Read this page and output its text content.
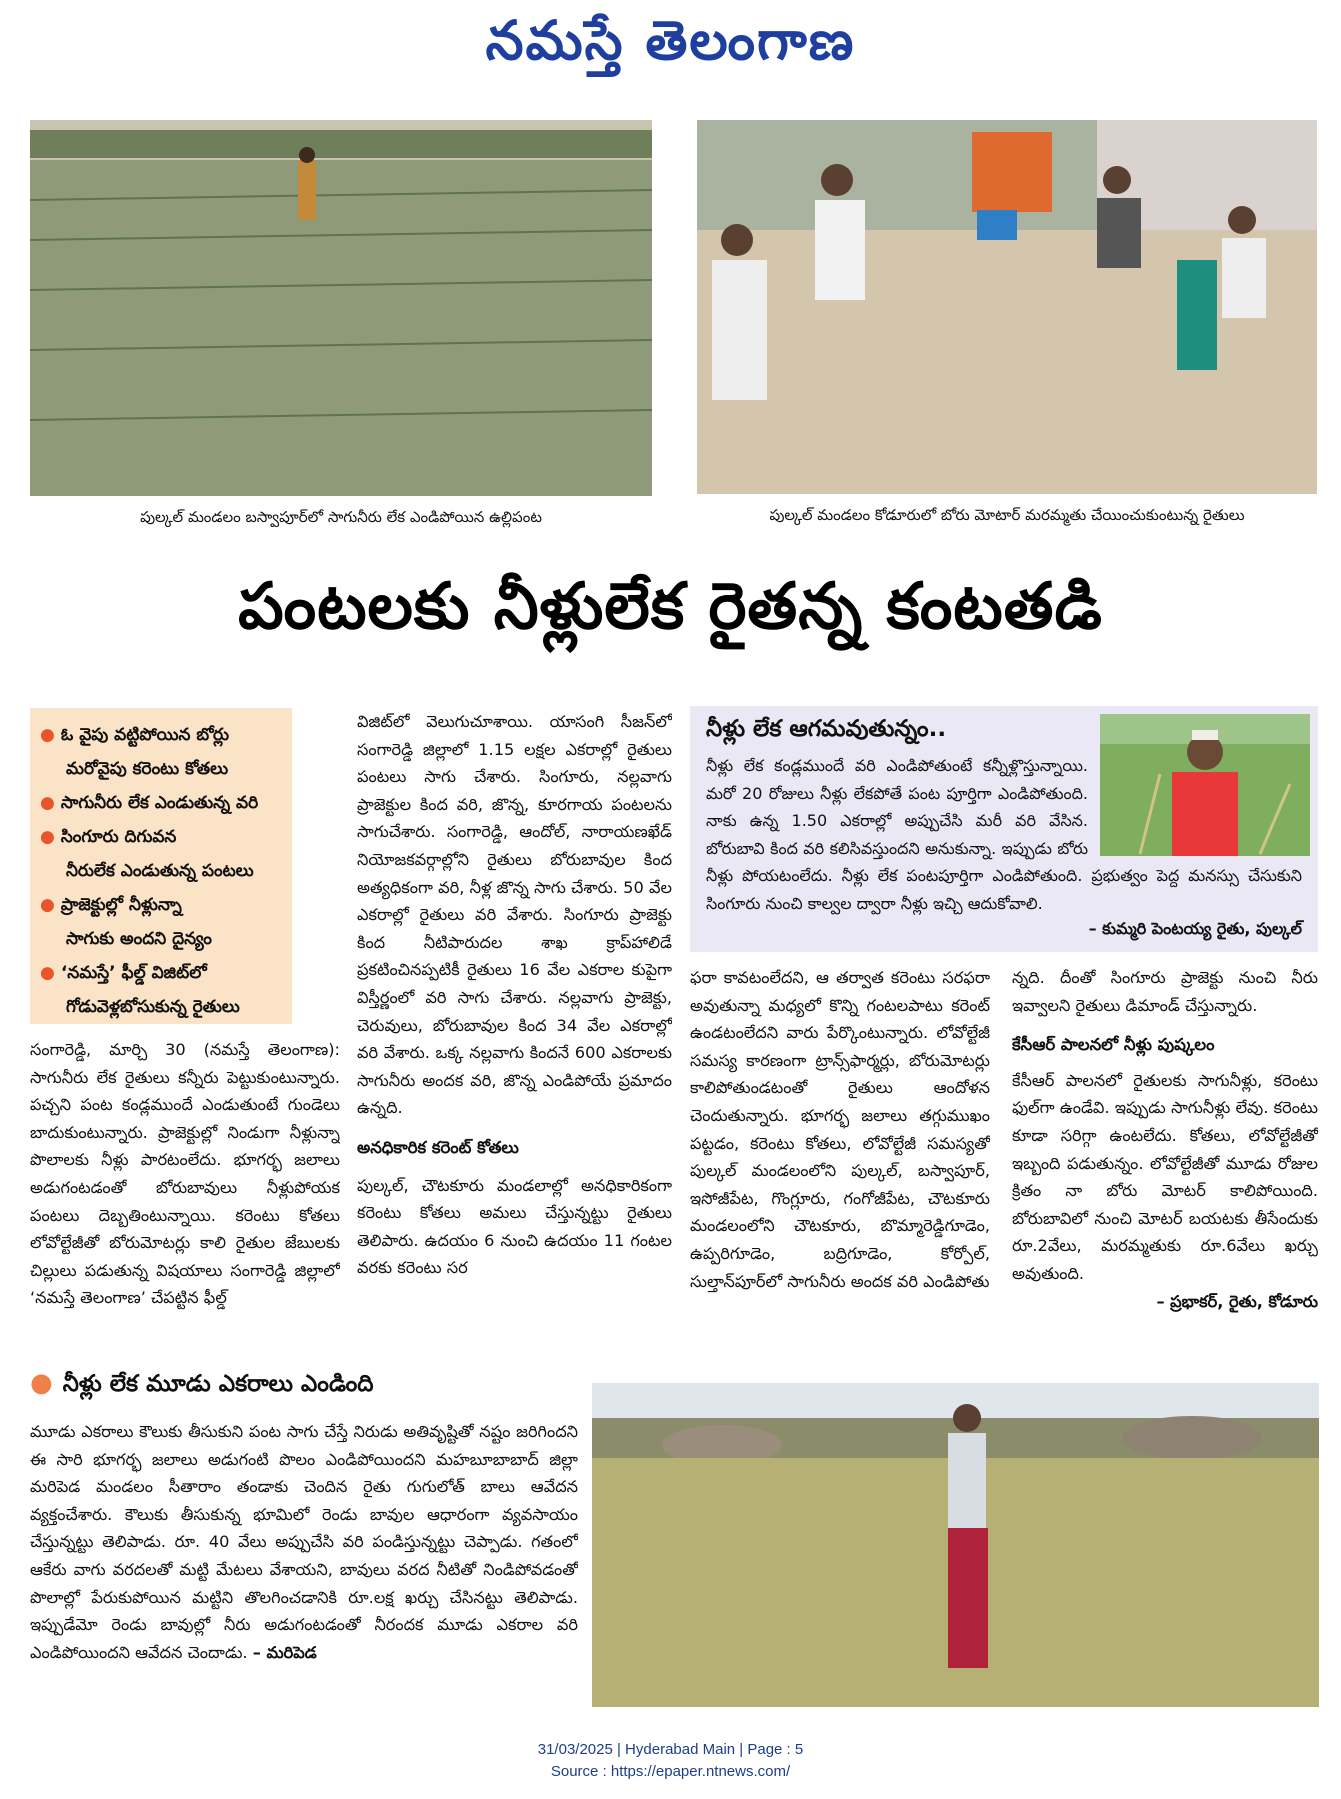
నమస్తే తెలంగాణ
పుల్కల్‌ మండలం బస్వాపూర్‌లో సాగునీరు లేక ఎండిపోయిన ఉల్లిపంట	పుల్కల్‌ మండలం కోడూరులో బోరు మోటార్‌ మరమ్మతు చేయించుకుంటున్న రైతులు
పంటలకు నీళ్లులేక రైతన్న కంటతడి
● ఓ వైపు వట్టిపోయిన బోర్లు
మరోవైపు కరెంటు కోతలు
● సాగునీరు లేక ఎండుతున్న వరి
● సింగూరు దిగువన
నీరులేక ఎండుతున్న పంటలు
● ప్రాజెక్టుల్లో నీళ్లున్నా
సాగుకు అందని దైన్యం
● ‘నమస్తే’ ఫీల్డ్‌ విజిట్‌లో
గోడువెళ్లబోసుకున్న రైతులు

సంగారెడ్డి, మార్చి 30 (నమస్తే తెలంగాణ): సాగునీరు లేక రైతులు కన్నీరు పెట్టుకుంటున్నారు. పచ్చని పంట కండ్లముందే ఎండుతుంటే గుండెలు బాదుకుంటున్నారు. ప్రాజెక్టుల్లో నిండుగా నీళ్లున్నా పొలాలకు నీళ్లు పారటంలేదు. భూగర్భ జలాలు అడుగంటడంతో బోరుబావులు నీళ్లుపోయక పంటలు దెబ్బతింటున్నాయి. కరెంటు కోతలు లోవోల్టేజీతో బోరుమోటర్లు కాలి రైతుల జేబులకు చిల్లులు పడుతున్న విషయాలు సంగారెడ్డి జిల్లాలో ‘నమస్తే తెలంగాణ’ చేపట్టిన ఫీల్డ్‌

విజిట్‌లో వెలుగుచూశాయి. యాసంగి సీజన్‌లో సంగారెడ్డి జిల్లాలో 1.15 లక్షల ఎకరాల్లో రైతులు పంటలు సాగు చేశారు. సింగూరు, నల్లవాగు ప్రాజెక్టుల కింద వరి, జొన్న, కూరగాయ పంటలను సాగుచేశారు. సంగారెడ్డి, ఆందోల్‌, నారాయణఖేడ్‌ నియోజకవర్గాల్లోని రైతులు బోరుబావుల కింద అత్యధికంగా వరి, నీళ్ల జొన్న సాగు చేశారు. 50 వేల ఎకరాల్లో రైతులు వరి వేశారు. సింగూరు ప్రాజెక్టు కింద నీటిపారుదల శాఖ క్రాప్‌హాలిడే ప్రకటించినప్పటికీ రైతులు 16 వేల ఎకరాల కుపైగా విస్తీర్ణంలో వరి సాగు చేశారు. నల్లవాగు ప్రాజెక్టు, చెరువులు, బోరుబావుల కింద 34 వేల ఎకరాల్లో వరి వేశారు. ఒక్క నల్లవాగు కిందనే 600 ఎకరాలకు సాగునీరు అందక వరి, జొన్న ఎండిపోయే ప్రమాదం ఉన్నది.

అనధికారిక కరెంట్‌ కోతలు

పుల్కల్‌, చౌటకూరు మండలాల్లో అనధికారికంగా కరెంటు కోతలు అమలు చేస్తున్నట్టు రైతులు తెలిపారు. ఉదయం 6 నుంచి ఉదయం 11 గంటల వరకు కరెంటు సర

నీళ్లు లేక ఆగమవుతున్నం..
నీళ్లు లేక కండ్లముందే వరి ఎండిపోతుంటే కన్నీళ్లొస్తున్నాయి. మరో 20 రోజులు నీళ్లు లేకపోతే పంట పూర్తిగా ఎండిపోతుంది. నాకు ఉన్న 1.50 ఎకరాల్లో అప్పుచేసి మరీ వరి వేసిన. బోరుబావి కింద వరి కలిసివస్తుందని అనుకున్నా. ఇప్పుడు బోరు నీళ్లు పోయటంలేదు. నీళ్లు లేక పంటపూర్తిగా ఎండిపోతుంది. ప్రభుత్వం పెద్ద మనస్సు చేసుకుని సింగూరు నుంచి కాల్వల ద్వారా నీళ్లు ఇచ్చి ఆదుకోవాలి.
– కుమ్మరి పెంటయ్య రైతు, పుల్కల్‌

ఫరా కావటంలేదని, ఆ తర్వాత కరెంటు సరఫరా అవుతున్నా మధ్యలో కొన్ని గంటలపాటు కరెంట్‌ ఉండటంలేదని వారు పేర్కొంటున్నారు. లోవోల్టేజీ సమస్య కారణంగా ట్రాన్స్‌ఫార్మర్లు, బోరుమోటర్లు కాలిపోతుండటంతో రైతులు ఆందోళన చెందుతున్నారు. భూగర్భ జలాలు తగ్గుముఖం పట్టడం, కరెంటు కోతలు, లోవోల్టేజీ సమస్యతో పుల్కల్‌ మండలంలోని పుల్కల్‌, బస్వాపూర్‌, ఇసోజీపేట, గొంగ్లూరు, గంగోజీపేట, చౌటకూరు మండలంలోని చౌటకూరు, బొమ్మారెడ్డిగూడెం, ఉప్పరిగూడెం, బద్రిగూడెం, కోర్పోల్‌, సుల్తాన్‌పూర్‌లో సాగునీరు అందక వరి ఎండిపోతు

న్నది. దీంతో సింగూరు ప్రాజెక్టు నుంచి నీరు ఇవ్వాలని రైతులు డిమాండ్‌ చేస్తున్నారు.

కేసీఆర్‌ పాలనలో నీళ్లు పుష్కలం

కేసీఆర్‌ పాలనలో రైతులకు సాగునీళ్లు, కరెంటు ఫుల్‌గా ఉండేవి. ఇప్పుడు సాగునీళ్లు లేవు. కరెంటు కూడా సరిగ్గా ఉంటలేదు. కోతలు, లోవోల్టేజీతో ఇబ్బంది పడుతున్నం. లోవోల్టేజీతో మూడు రోజుల క్రితం నా బోరు మోటర్‌ కాలిపోయింది. బోరుబావిలో నుంచి మోటర్‌ బయటకు తీసేందుకు రూ.2వేలు, మరమ్మతుకు రూ.6వేలు ఖర్చు అవుతుంది.

– ప్రభాకర్‌, రైతు, కోడూరు

● నీళ్లు లేక మూడు ఎకరాలు ఎండింది

మూడు ఎకరాలు కౌలుకు తీసుకుని పంట సాగు చేస్తే నిరుడు అతివృష్టితో నష్టం జరిగిందని ఈ సారి భూగర్భ జలాలు అడుగంటి పొలం ఎండిపోయిందని మహబూబాబాద్‌ జిల్లా మరిపెడ మండలం సీతారాం తండాకు చెందిన రైతు గుగులోత్‌ బాలు ఆవేదన వ్యక్తంచేశారు. కౌలుకు తీసుకున్న భూమిలో రెండు బావుల ఆధారంగా వ్యవసాయం చేస్తున్నట్టు తెలిపాడు. రూ. 40 వేలు అప్పుచేసి వరి పండిస్తున్నట్టు చెప్పాడు. గతంలో ఆకేరు వాగు వరదలతో మట్టి మేటలు వేశాయని, బావులు వరద నీటితో నిండిపోవడంతో పొలాల్లో పేరుకుపోయిన మట్టిని తొలగించడానికి రూ.లక్ష ఖర్చు చేసినట్టు తెలిపాడు. ఇప్పుడేమో రెండు బావుల్లో నీరు అడుగంటడంతో నీరందక మూడు ఎకరాల వరి ఎండిపోయిందని ఆవేదన చెందాడు. – మరిపెడ

31/03/2025 | Hyderabad Main | Page : 5
Source : https://epaper.ntnews.com/
